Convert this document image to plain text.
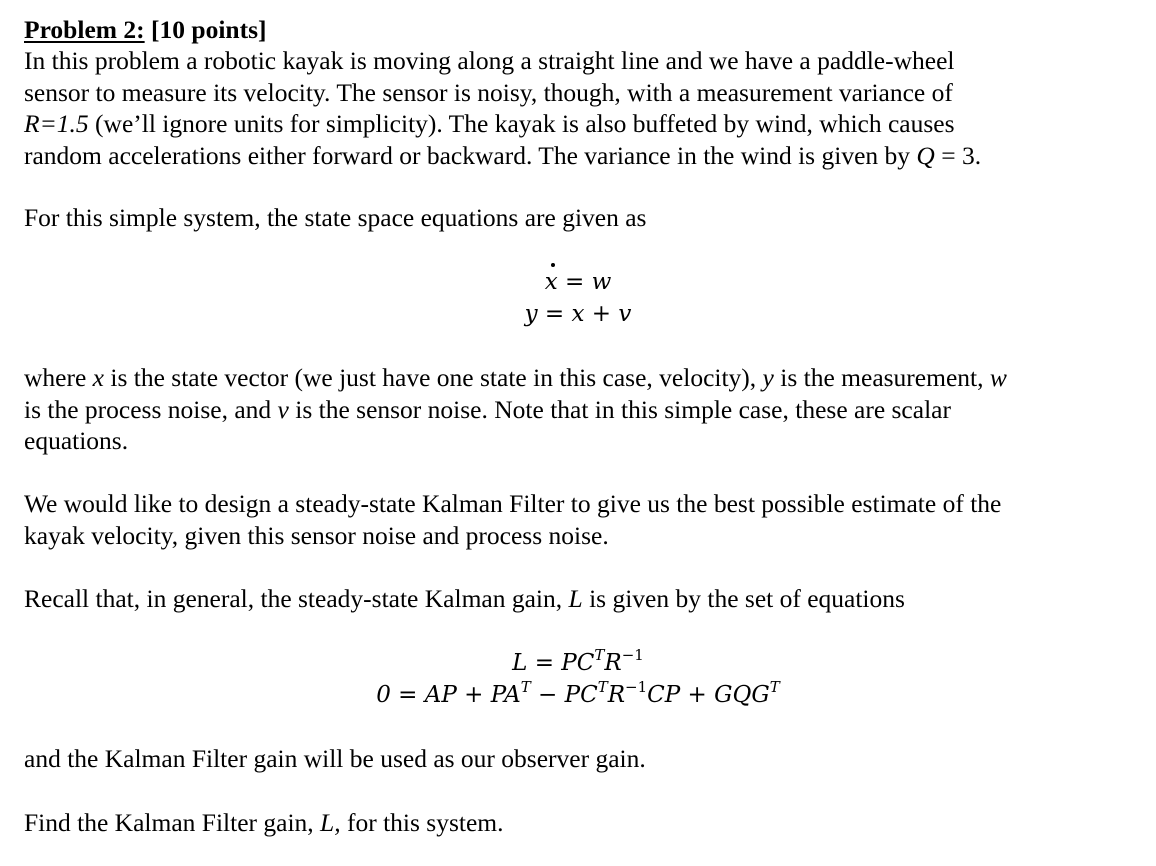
Problem 2: [10 points]

In this problem a robotic kayak is moving along a straight line and we have a paddle-wheel

sensor to measure its velocity. The sensor is noisy, though, with a measurement variance of

R=1.5 (we’ll ignore units for simplicity). The kayak is also buffeted by wind, which causes

random accelerations either forward or backward. The variance in the wind is given by Q = 3.

For this simple system, the state space equations are given as

x = w
y = x + v

where x is the state vector (we just have one state in this case, velocity), y is the measurement, w

is the process noise, and v is the sensor noise. Note that in this simple case, these are scalar

equations.

We would like to design a steady-state Kalman Filter to give us the best possible estimate of the

kayak velocity, given this sensor noise and process noise.

Recall that, in general, the steady-state Kalman gain, L is given by the set of equations

$L = PC^TR^{-1}$
0 = AP + $PA^T - PC^TR^{-1}CP + GQG^T$

and the Kalman Filter gain will be used as our observer gain.

Find the Kalman Filter gain, L, for this system.
